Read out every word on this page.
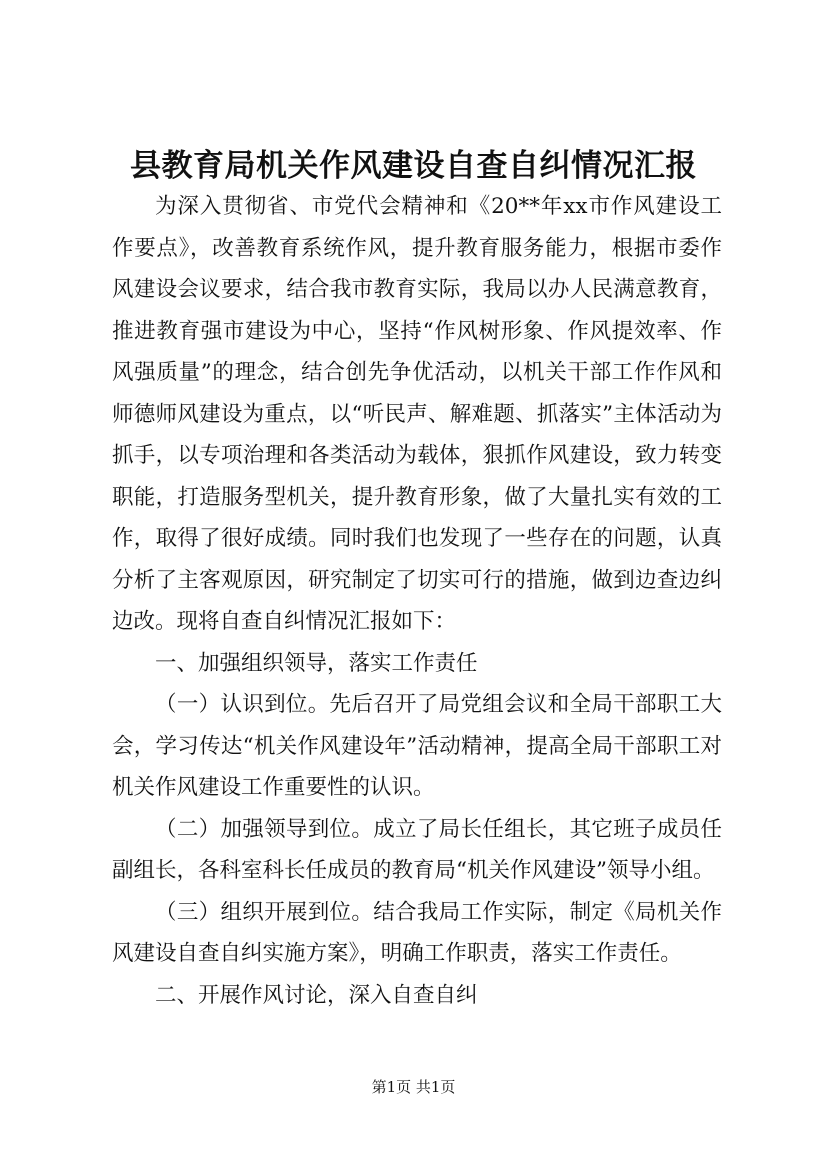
县教育局机关作风建设自查自纠情况汇报

为深入贯彻省、市党代会精神和《20**年xx市作风建设工作要点》，改善教育系统作风，提升教育服务能力，根据市委作风建设会议要求，结合我市教育实际，我局以办人民满意教育，推进教育强市建设为中心，坚持“作风树形象、作风提效率、作风强质量”的理念，结合创先争优活动，以机关干部工作作风和师德师风建设为重点，以“听民声、解难题、抓落实”主体活动为抓手，以专项治理和各类活动为载体，狠抓作风建设，致力转变职能，打造服务型机关，提升教育形象，做了大量扎实有效的工作，取得了很好成绩。同时我们也发现了一些存在的问题，认真分析了主客观原因，研究制定了切实可行的措施，做到边查边纠边改。现将自查自纠情况汇报如下：

一、加强组织领导，落实工作责任

（一）认识到位。先后召开了局党组会议和全局干部职工大会，学习传达“机关作风建设年”活动精神，提高全局干部职工对机关作风建设工作重要性的认识。

（二）加强领导到位。成立了局长任组长，其它班子成员任副组长，各科室科长任成员的教育局“机关作风建设”领导小组。

（三）组织开展到位。结合我局工作实际，制定《局机关作风建设自查自纠实施方案》，明确工作职责，落实工作责任。

二、开展作风讨论，深入自查自纠

第1页 共1页
